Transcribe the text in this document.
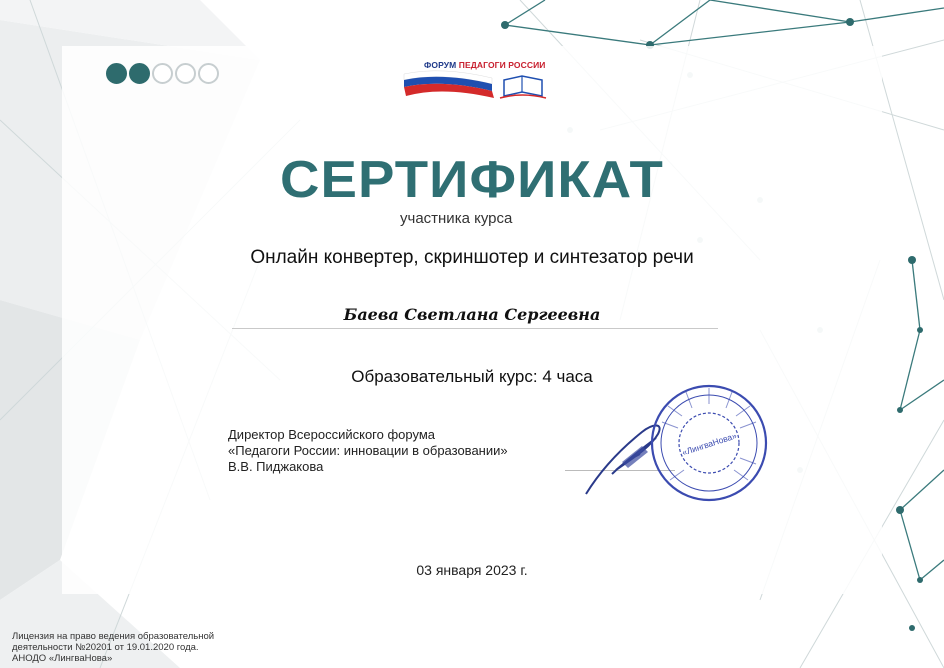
ФОРУМ ПЕДАГОГИ РОССИИ
СЕРТИФИКАТ
участника курса
Онлайн конвертер, скриншотер и синтезатор речи
Баева Светлана Сергеевна
Образовательный курс: 4 часа
Директор Всероссийского форума
«Педагоги России: инновации в образовании»
В.В. Пиджакова
«ЛингваНова»
03 января 2023 г.
Лицензия на право ведения образовательной
деятельности №20201 от 19.01.2020 года.
АНОДО «ЛингваНова»
